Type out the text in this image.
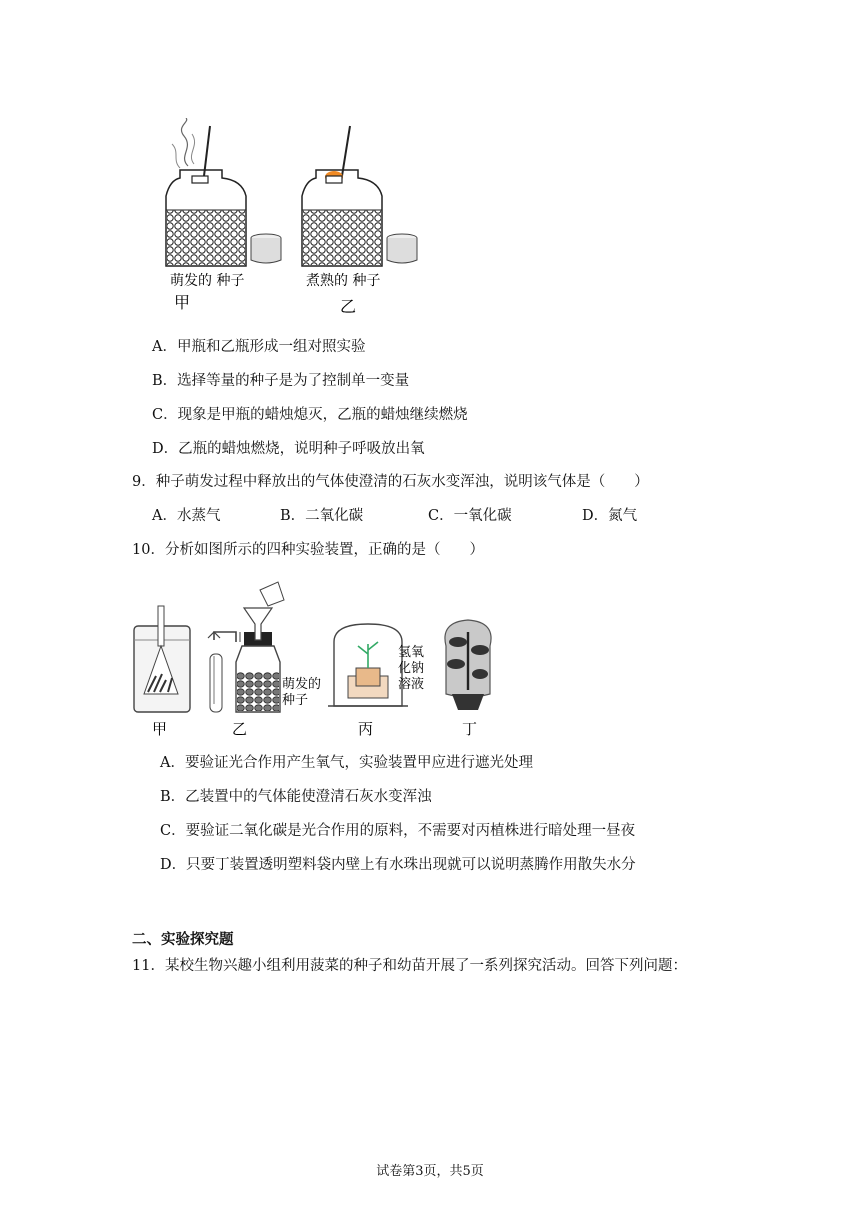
萌发的 种子	煮熟的 种子
甲	乙
A．甲瓶和乙瓶形成一组对照实验
B．选择等量的种子是为了控制单一变量
C．现象是甲瓶的蜡烛熄灭，乙瓶的蜡烛继续燃烧
D．乙瓶的蜡烛燃烧，说明种子呼吸放出氧
9．种子萌发过程中释放出的气体使澄清的石灰水变浑浊，说明该气体是（　　）
A．水蒸气	B．二氧化碳	C．一氧化碳	D．氮气
10．分析如图所示的四种实验装置，正确的是（　　）
甲
萌发的
种子
乙
氢氧
化钠
溶液
丙	丁
A．要验证光合作用产生氧气，实验装置甲应进行遮光处理
B．乙装置中的气体能使澄清石灰水变浑浊
C．要验证二氧化碳是光合作用的原料，不需要对丙植株进行暗处理一昼夜
D．只要丁装置透明塑料袋内壁上有水珠出现就可以说明蒸腾作用散失水分
二、实验探究题
11．某校生物兴趣小组利用菠菜的种子和幼苗开展了一系列探究活动。回答下列问题：
试卷第3页，共5页
